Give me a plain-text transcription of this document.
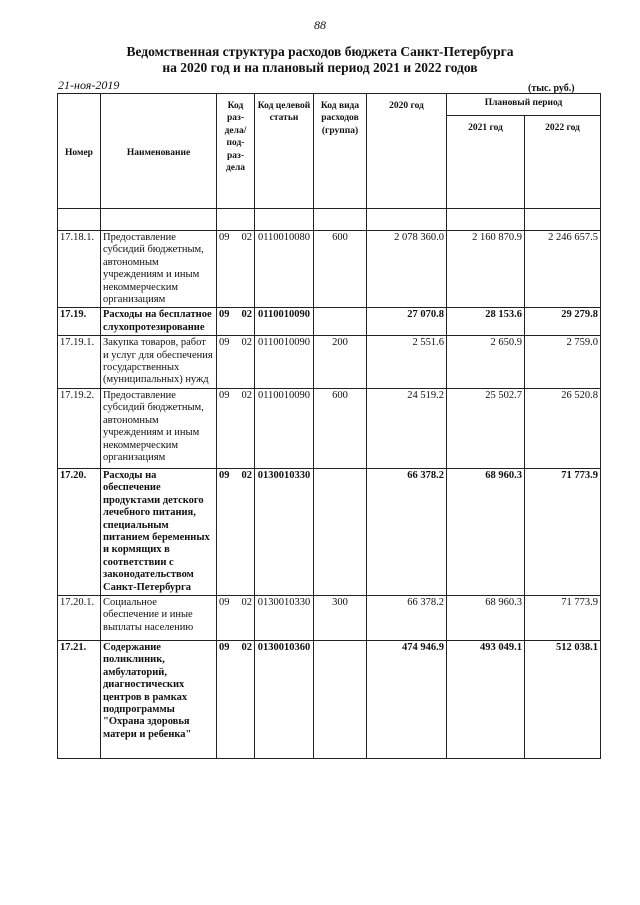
88
Ведомственная структура расходов бюджета Санкт-Петербурга
на 2020 год и на плановый период 2021 и 2022 годов
21-ноя-2019	(тыс. руб.)
Номер	Наименование	Код раз-дела/ под-раз-дела	Код целевой статьи	Код вида расходов (группа)	2020 год	Плановый период	
						2021 год	2022 год

17.18.1.	Предоставление субсидий бюджетным, автономным учреждениям и иным некоммерческим организациям	09 02	0110010080	600	2 078 360.0	2 160 870.9	2 246 657.5
17.19.	Расходы на бесплатное слухопротезирование	09 02	0110010090		27 070.8	28 153.6	29 279.8
17.19.1.	Закупка товаров, работ и услуг для обеспечения государственных (муниципальных) нужд	09 02	0110010090	200	2 551.6	2 650.9	2 759.0
17.19.2.	Предоставление субсидий бюджетным, автономным учреждениям и иным некоммерческим организациям	09 02	0110010090	600	24 519.2	25 502.7	26 520.8
17.20.	Расходы на обеспечение продуктами детского лечебного питания, специальным питанием беременных и кормящих в соответствии с законодательством Санкт-Петербурга	09 02	0130010330		66 378.2	68 960.3	71 773.9
17.20.1.	Социальное обеспечение и иные выплаты населению	09 02	0130010330	300	66 378.2	68 960.3	71 773.9
17.21.	Содержание поликлиник, амбулаторий, диагностических центров в рамках подпрограммы "Охрана здоровья матери и ребенка"	09 02	0130010360		474 946.9	493 049.1	512 038.1
